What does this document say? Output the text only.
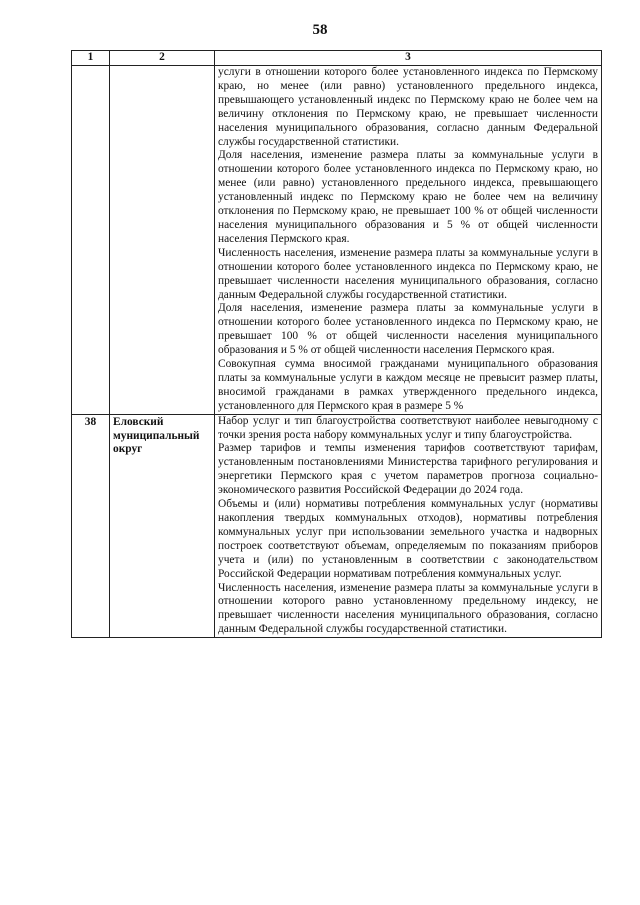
58
1	2	3

		услуги в отношении которого более установленного индекса по Пермскому краю, но менее (или равно) установленного предельного индекса, превышающего установленный индекс по Пермскому краю не более чем на величину отклонения по Пермскому краю, не превышает численности населения муниципального образования, согласно данным Федеральной службы государственной статистики.
Доля населения, изменение размера платы за коммунальные услуги в отношении которого более установленного индекса по Пермскому краю, но менее (или равно) установленного предельного индекса, превышающего установленный индекс по Пермскому краю не более чем на величину отклонения по Пермскому краю, не превышает 100 % от общей численности населения муниципального образования и 5 % от общей численности населения Пермского края.
Численность населения, изменение размера платы за коммунальные услуги в отношении которого более установленного индекса по Пермскому краю, не превышает численности населения муниципального образования, согласно данным Федеральной службы государственной статистики.
Доля населения, изменение размера платы за коммунальные услуги в отношении которого более установленного индекса по Пермскому краю, не превышает 100 % от общей численности населения муниципального образования и 5 % от общей численности населения Пермского края.
Совокупная сумма вносимой гражданами муниципального образования платы за коммунальные услуги в каждом месяце не превысит размер платы, вносимой гражданами в рамках утвержденного предельного индекса, установленного для Пермского края в размере 5 %

38	Еловский муниципальный округ	Набор услуг и тип благоустройства соответствуют наиболее невыгодному с точки зрения роста набору коммунальных услуг и типу благоустройства.
Размер тарифов и темпы изменения тарифов соответствуют тарифам, установленным постановлениями Министерства тарифного регулирования и энергетики Пермского края с учетом параметров прогноза социально-экономического развития Российской Федерации до 2024 года.
Объемы и (или) нормативы потребления коммунальных услуг (нормативы накопления твердых коммунальных отходов), нормативы потребления коммунальных услуг при использовании земельного участка и надворных построек соответствуют объемам, определяемым по показаниям приборов учета и (или) по установленным в соответствии с законодательством Российской Федерации нормативам потребления коммунальных услуг.
Численность населения, изменение размера платы за коммунальные услуги в отношении которого равно установленному предельному индексу, не превышает численности населения муниципального образования, согласно данным Федеральной службы государственной статистики.
